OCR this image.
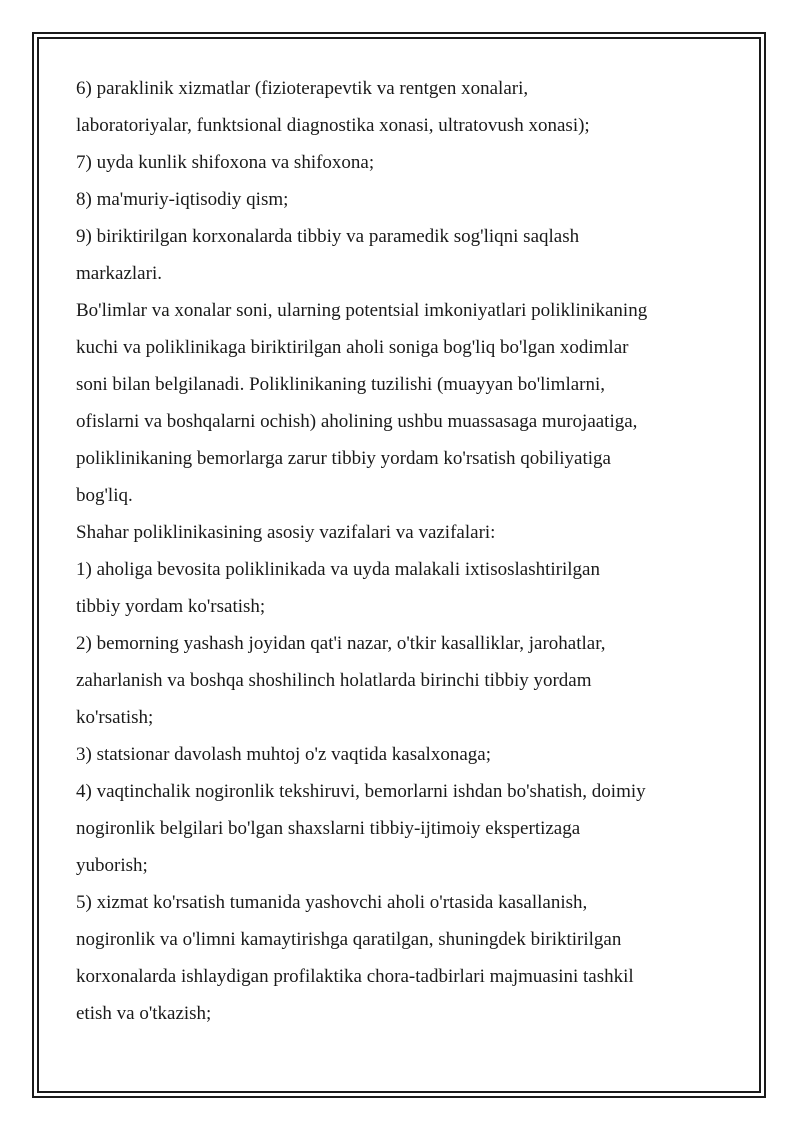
6) paraklinik xizmatlar (fizioterapevtik va rentgen xonalari,
laboratoriyalar, funktsional diagnostika xonasi, ultratovush xonasi);
7) uyda kunlik shifoxona va shifoxona;
8) ma'muriy-iqtisodiy qism;
9) biriktirilgan korxonalarda tibbiy va paramedik sog'liqni saqlash
markazlari.
Bo'limlar va xonalar soni, ularning potentsial imkoniyatlari poliklinikaning
kuchi va poliklinikaga biriktirilgan aholi soniga bog'liq bo'lgan xodimlar
soni bilan belgilanadi. Poliklinikaning tuzilishi (muayyan bo'limlarni,
ofislarni va boshqalarni ochish) aholining ushbu muassasaga murojaatiga,
poliklinikaning bemorlarga zarur tibbiy yordam ko'rsatish qobiliyatiga
bog'liq.
Shahar poliklinikasining asosiy vazifalari va vazifalari:
1) aholiga bevosita poliklinikada va uyda malakali ixtisoslashtirilgan
tibbiy yordam ko'rsatish;
2) bemorning yashash joyidan qat'i nazar, o'tkir kasalliklar, jarohatlar,
zaharlanish va boshqa shoshilinch holatlarda birinchi tibbiy yordam
ko'rsatish;
3) statsionar davolash muhtoj o'z vaqtida kasalxonaga;
4) vaqtinchalik nogironlik tekshiruvi, bemorlarni ishdan bo'shatish, doimiy
nogironlik belgilari bo'lgan shaxslarni tibbiy-ijtimoiy ekspertizaga
yuborish;
5) xizmat ko'rsatish tumanida yashovchi aholi o'rtasida kasallanish,
nogironlik va o'limni kamaytirishga qaratilgan, shuningdek biriktirilgan
korxonalarda ishlaydigan profilaktika chora-tadbirlari majmuasini tashkil
etish va o'tkazish;
